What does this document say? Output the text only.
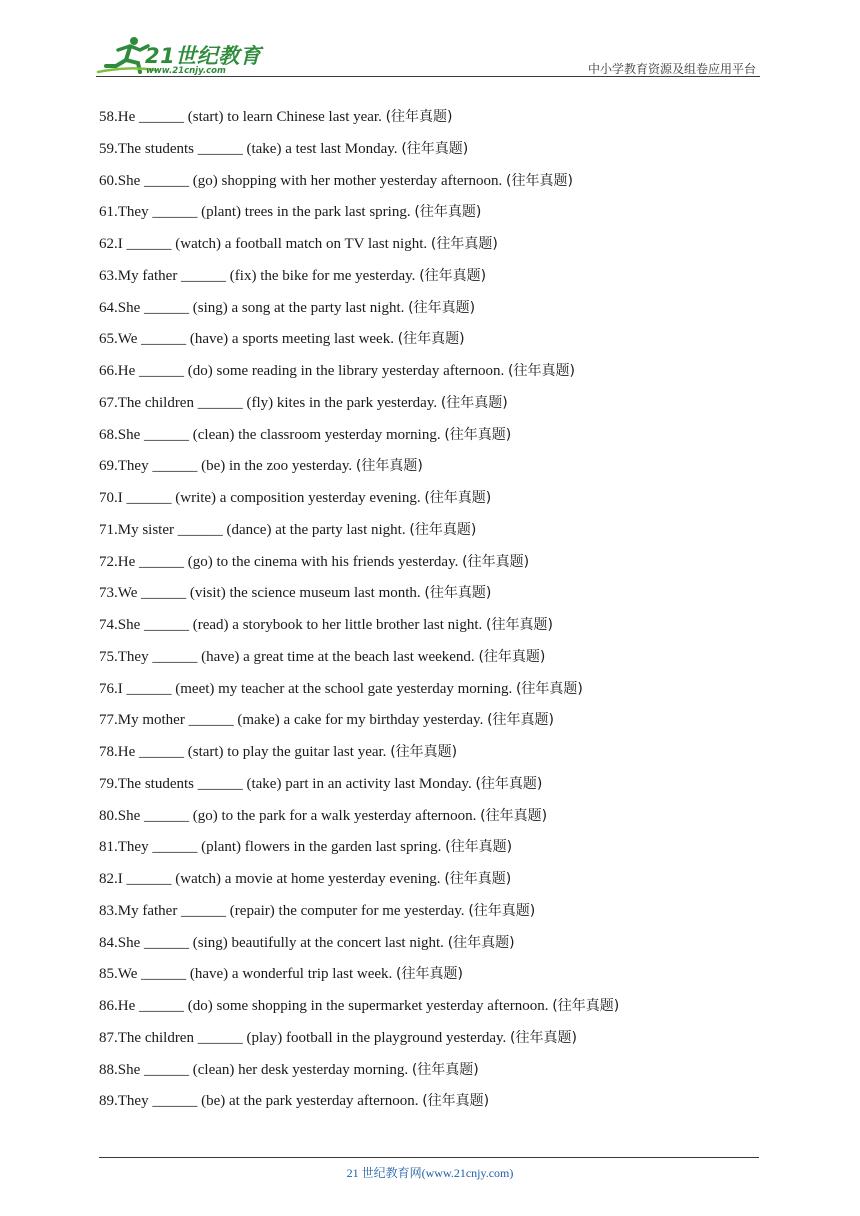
21世纪教育
www.21cnjy.com	中小学教育资源及组卷应用平台
58.He ______ (start) to learn Chinese last year. (往年真题)
59.The students ______ (take) a test last Monday. (往年真题)
60.She ______ (go) shopping with her mother yesterday afternoon. (往年真题)
61.They ______ (plant) trees in the park last spring. (往年真题)
62.I ______ (watch) a football match on TV last night. (往年真题)
63.My father ______ (fix) the bike for me yesterday. (往年真题)
64.She ______ (sing) a song at the party last night. (往年真题)
65.We ______ (have) a sports meeting last week. (往年真题)
66.He ______ (do) some reading in the library yesterday afternoon. (往年真题)
67.The children ______ (fly) kites in the park yesterday. (往年真题)
68.She ______ (clean) the classroom yesterday morning. (往年真题)
69.They ______ (be) in the zoo yesterday. (往年真题)
70.I ______ (write) a composition yesterday evening. (往年真题)
71.My sister ______ (dance) at the party last night. (往年真题)
72.He ______ (go) to the cinema with his friends yesterday. (往年真题)
73.We ______ (visit) the science museum last month. (往年真题)
74.She ______ (read) a storybook to her little brother last night. (往年真题)
75.They ______ (have) a great time at the beach last weekend. (往年真题)
76.I ______ (meet) my teacher at the school gate yesterday morning. (往年真题)
77.My mother ______ (make) a cake for my birthday yesterday. (往年真题)
78.He ______ (start) to play the guitar last year. (往年真题)
79.The students ______ (take) part in an activity last Monday. (往年真题)
80.She ______ (go) to the park for a walk yesterday afternoon. (往年真题)
81.They ______ (plant) flowers in the garden last spring. (往年真题)
82.I ______ (watch) a movie at home yesterday evening. (往年真题)
83.My father ______ (repair) the computer for me yesterday. (往年真题)
84.She ______ (sing) beautifully at the concert last night. (往年真题)
85.We ______ (have) a wonderful trip last week. (往年真题)
86.He ______ (do) some shopping in the supermarket yesterday afternoon. (往年真题)
87.The children ______ (play) football in the playground yesterday. (往年真题)
88.She ______ (clean) her desk yesterday morning. (往年真题)
89.They ______ (be) at the park yesterday afternoon. (往年真题)
21 世纪教育网(www.21cnjy.com)
